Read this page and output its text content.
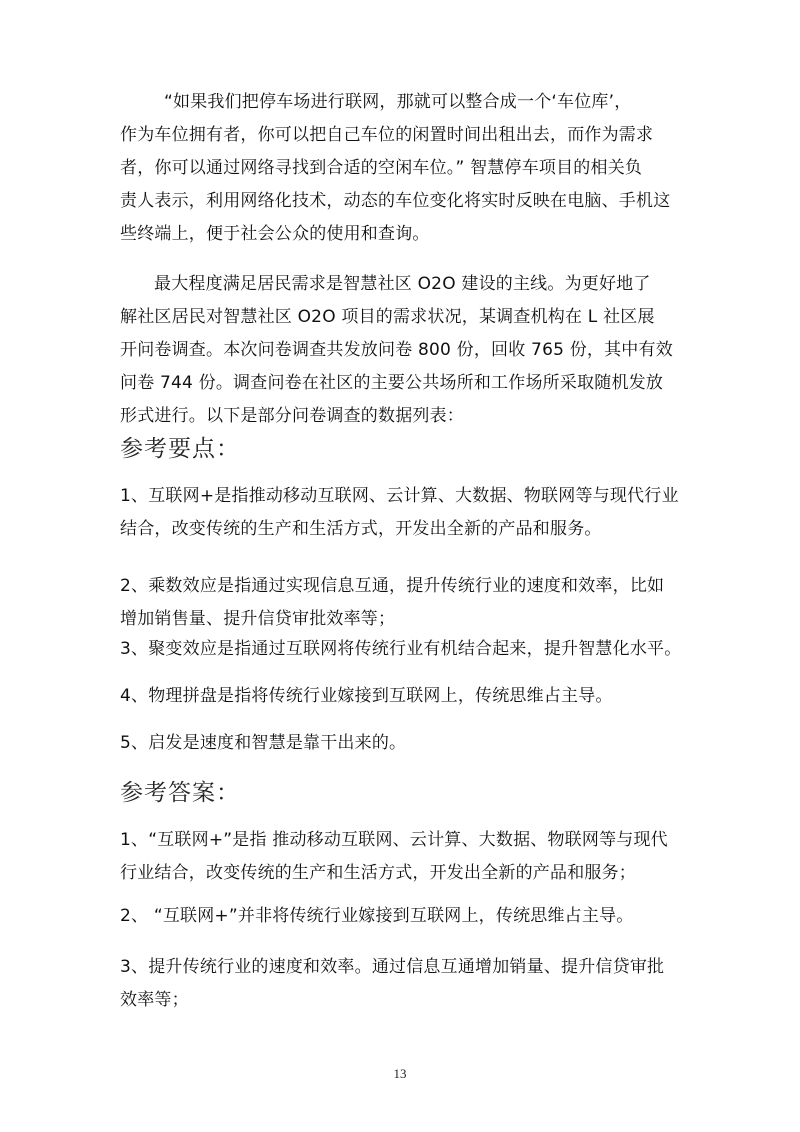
“如果我们把停车场进行联网，那就可以整合成一个‘车位库’，
作为车位拥有者，你可以把自己车位的闲置时间出租出去，而作为需求
者，你可以通过网络寻找到合适的空闲车位。” 智慧停车项目的相关负
责人表示，利用网络化技术，动态的车位变化将实时反映在电脑、手机这
些终端上，便于社会公众的使用和查询。
最大程度满足居民需求是智慧社区 O2O 建设的主线。为更好地了
解社区居民对智慧社区 O2O 项目的需求状况，某调查机构在 L 社区展
开问卷调查。本次问卷调查共发放问卷 800 份，回收 765 份，其中有效
问卷 744 份。调查问卷在社区的主要公共场所和工作场所采取随机发放
形式进行。以下是部分问卷调查的数据列表：
参考要点：
1、互联网+是指推动移动互联网、云计算、大数据、物联网等与现代行业
结合，改变传统的生产和生活方式，开发出全新的产品和服务。
2、乘数效应是指通过实现信息互通，提升传统行业的速度和效率，比如
增加销售量、提升信贷审批效率等；
3、聚变效应是指通过互联网将传统行业有机结合起来，提升智慧化水平。
4、物理拼盘是指将传统行业嫁接到互联网上，传统思维占主导。
5、启发是速度和智慧是靠干出来的。
参考答案：
1、“互联网+”是指 推动移动互联网、云计算、大数据、物联网等与现代
行业结合，改变传统的生产和生活方式，开发出全新的产品和服务；
2、 “互联网+”并非将传统行业嫁接到互联网上，传统思维占主导。
3、提升传统行业的速度和效率。通过信息互通增加销量、提升信贷审批
效率等；
13
